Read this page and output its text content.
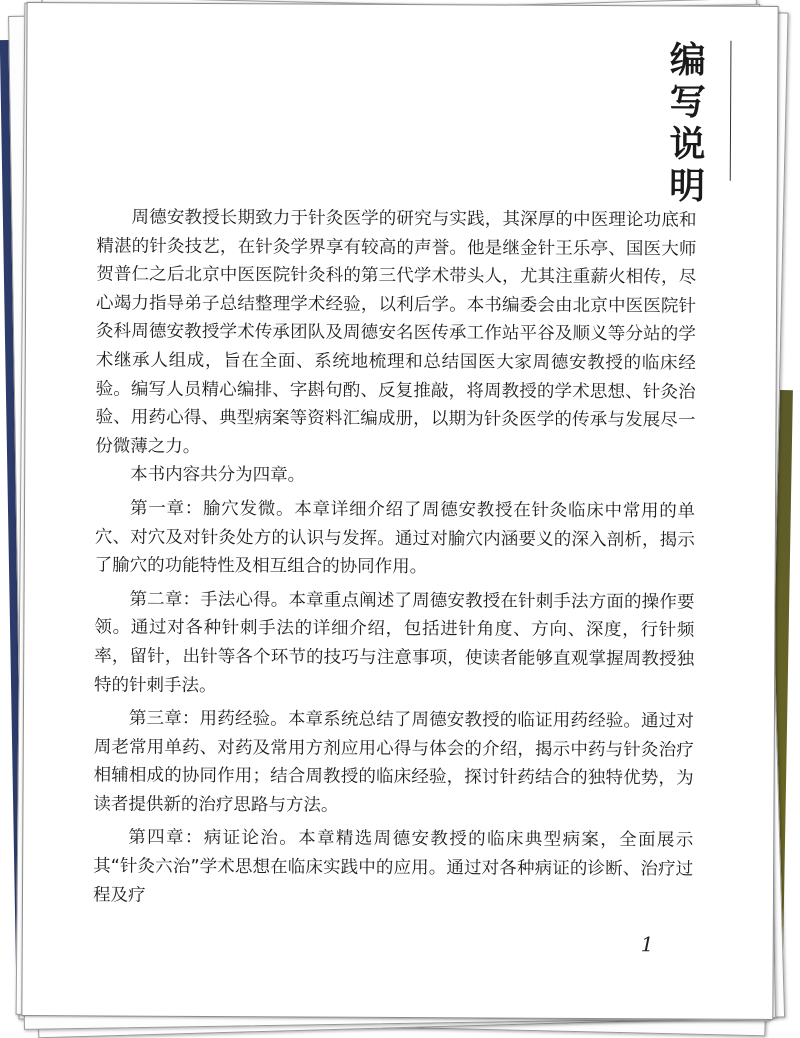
编写说明

周德安教授长期致力于针灸医学的研究与实践，其深厚的中医理论功底和精湛的针灸技艺，在针灸学界享有较高的声誉。他是继金针王乐亭、国医大师贺普仁之后北京中医医院针灸科的第三代学术带头人，尤其注重薪火相传，尽心竭力指导弟子总结整理学术经验，以利后学。本书编委会由北京中医医院针灸科周德安教授学术传承团队及周德安名医传承工作站平谷及顺义等分站的学术继承人组成，旨在全面、系统地梳理和总结国医大家周德安教授的临床经验。编写人员精心编排、字斟句酌、反复推敲，将周教授的学术思想、针灸治验、用药心得、典型病案等资料汇编成册，以期为针灸医学的传承与发展尽一份微薄之力。

本书内容共分为四章。

第一章：腧穴发微。本章详细介绍了周德安教授在针灸临床中常用的单穴、对穴及对针灸处方的认识与发挥。通过对腧穴内涵要义的深入剖析，揭示了腧穴的功能特性及相互组合的协同作用。

第二章：手法心得。本章重点阐述了周德安教授在针刺手法方面的操作要领。通过对各种针刺手法的详细介绍，包括进针角度、方向、深度，行针频率，留针，出针等各个环节的技巧与注意事项，使读者能够直观掌握周教授独特的针刺手法。

第三章：用药经验。本章系统总结了周德安教授的临证用药经验。通过对周老常用单药、对药及常用方剂应用心得与体会的介绍，揭示中药与针灸治疗相辅相成的协同作用；结合周教授的临床经验，探讨针药结合的独特优势，为读者提供新的治疗思路与方法。

第四章：病证论治。本章精选周德安教授的临床典型病案，全面展示其“针灸六治”学术思想在临床实践中的应用。通过对各种病证的诊断、治疗过程及疗

1
